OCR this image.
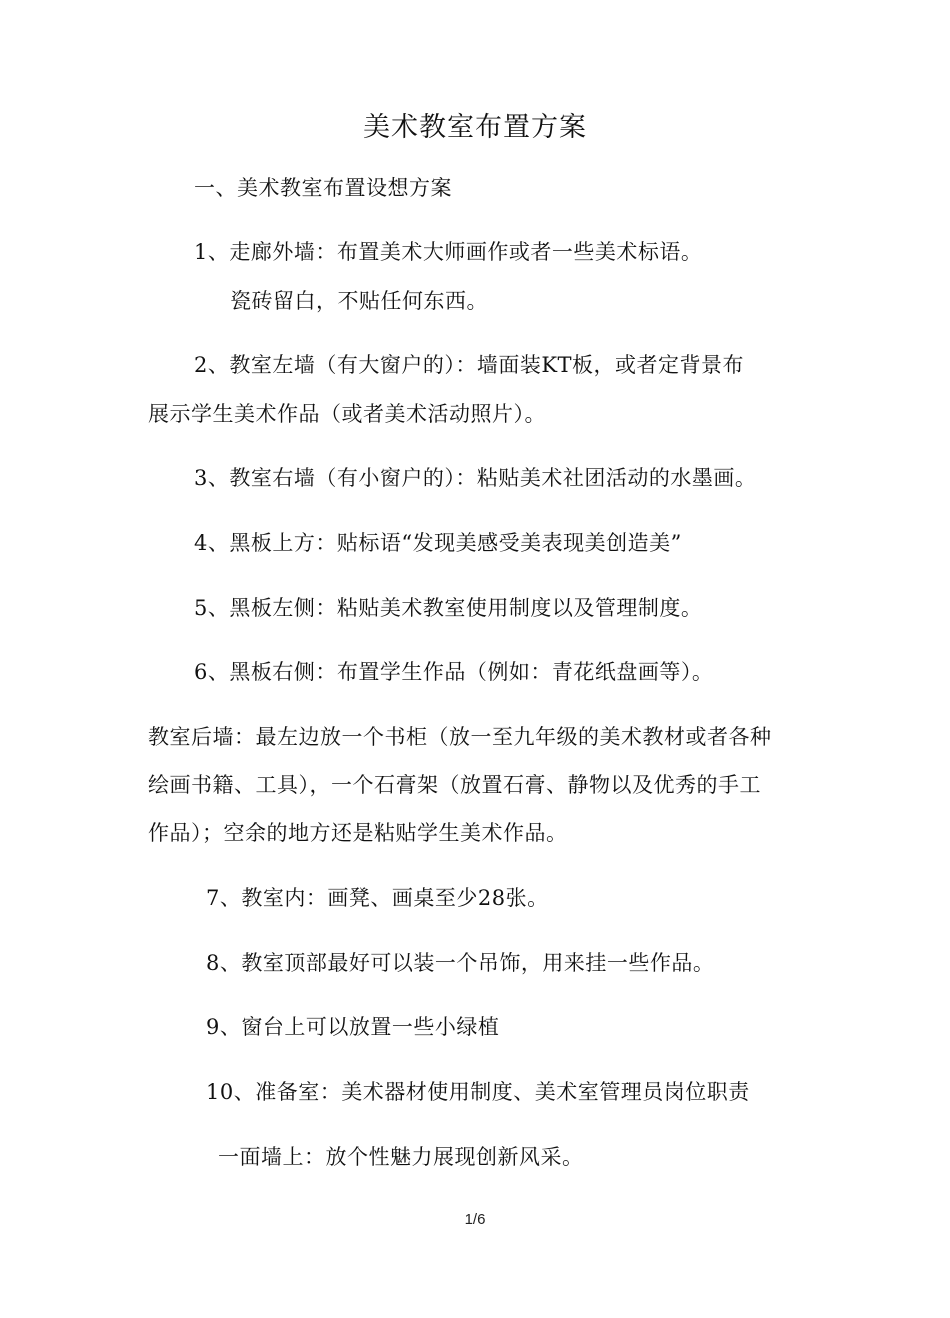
美术教室布置方案
一、美术教室布置设想方案
1、走廊外墙：布置美术大师画作或者一些美术标语。
瓷砖留白，不贴任何东西。
2、教室左墙（有大窗户的）：墙面装KT板，或者定背景布
展示学生美术作品（或者美术活动照片）。
3、教室右墙（有小窗户的）：粘贴美术社团活动的水墨画。
4、黑板上方：贴标语“发现美感受美表现美创造美”
5、黑板左侧：粘贴美术教室使用制度以及管理制度。
6、黑板右侧：布置学生作品（例如：青花纸盘画等）。
教室后墙：最左边放一个书柜（放一至九年级的美术教材或者各种
绘画书籍、工具），一个石膏架（放置石膏、静物以及优秀的手工
作品）；空余的地方还是粘贴学生美术作品。
7、教室内：画凳、画桌至少28张。
8、教室顶部最好可以装一个吊饰，用来挂一些作品。
9、窗台上可以放置一些小绿植
10、准备室：美术器材使用制度、美术室管理员岗位职责
一面墙上：放个性魅力展现创新风采。
1/6
